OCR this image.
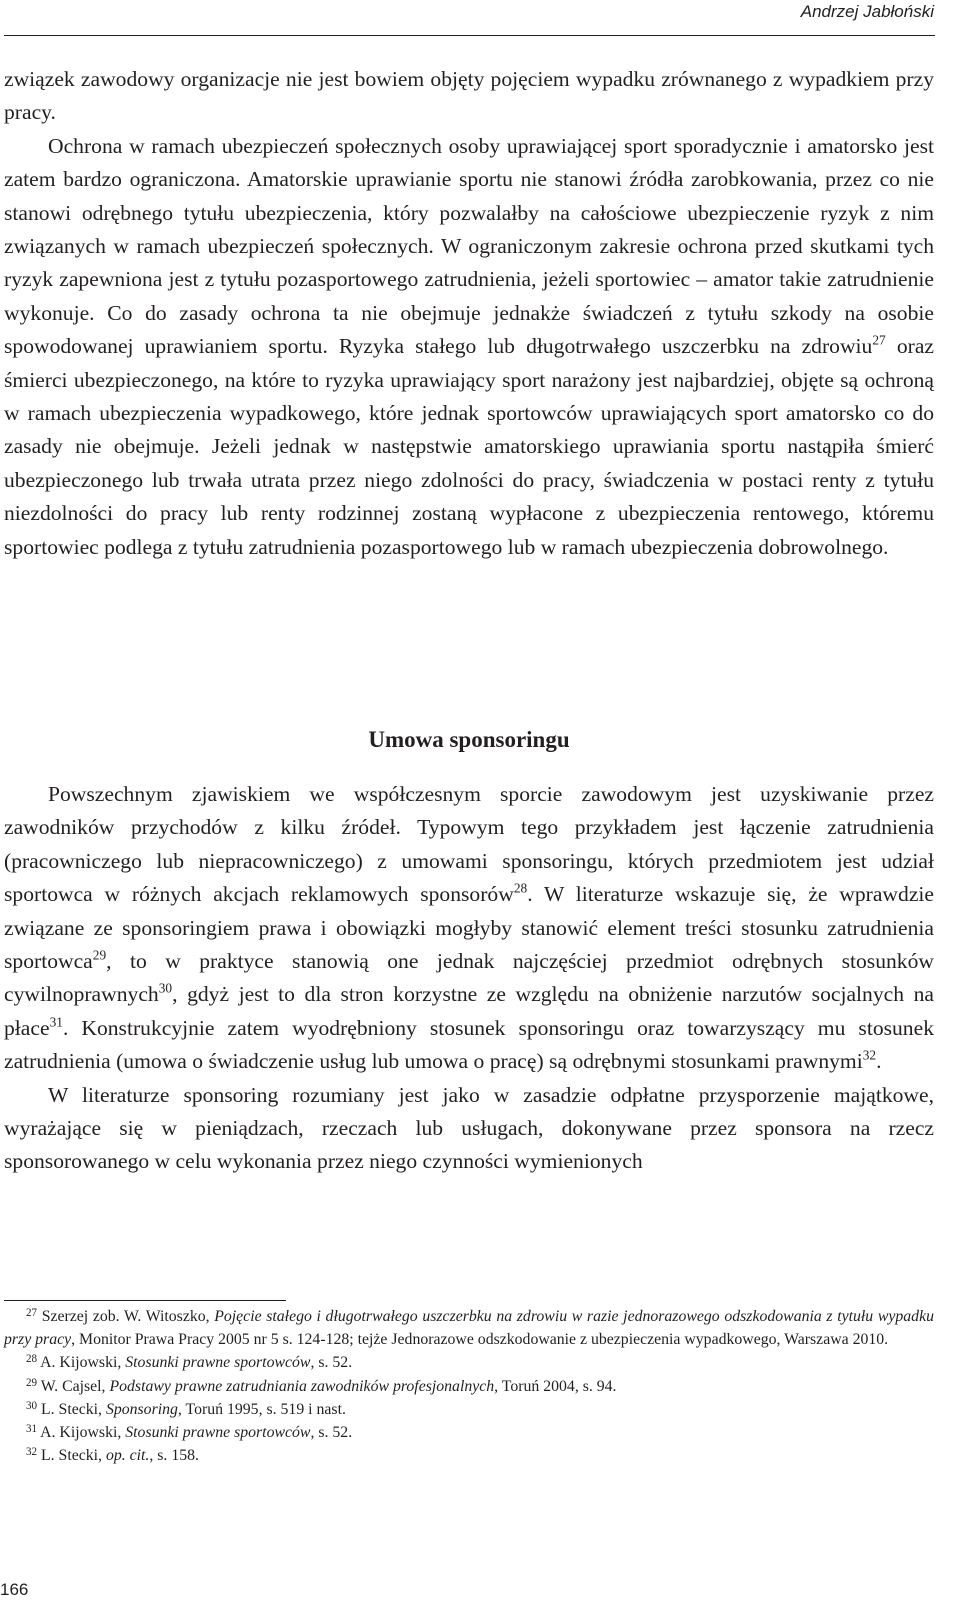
Andrzej Jabłoński

związek zawodowy organizacje nie jest bowiem objęty pojęciem wypadku zrównanego z wypadkiem przy pracy.

Ochrona w ramach ubezpieczeń społecznych osoby uprawiającej sport sporadycznie i amatorsko jest zatem bardzo ograniczona. Amatorskie uprawianie sportu nie stanowi źródła zarobkowania, przez co nie stanowi odrębnego tytułu ubezpieczenia, który pozwalałby na całościowe ubezpieczenie ryzyk z nim związanych w ramach ubezpieczeń społecznych. W ograniczonym zakresie ochrona przed skutkami tych ryzyk zapewniona jest z tytułu pozasportowego zatrudnienia, jeżeli sportowiec – amator takie zatrudnienie wykonuje. Co do zasady ochrona ta nie obejmuje jednakże świadczeń z tytułu szkody na osobie spowodowanej uprawianiem sportu. Ryzyka stałego lub długotrwałego uszczerbku na zdrowiu$^{27}$ oraz śmierci ubezpieczonego, na które to ryzyka uprawiający sport narażony jest najbardziej, objęte są ochroną w ramach ubezpieczenia wypadkowego, które jednak sportowców uprawiających sport amatorsko co do zasady nie obejmuje. Jeżeli jednak w następstwie amatorskiego uprawiania sportu nastąpiła śmierć ubezpieczonego lub trwała utrata przez niego zdolności do pracy, świadczenia w postaci renty z tytułu niezdolności do pracy lub renty rodzinnej zostaną wypłacone z ubezpieczenia rentowego, któremu sportowiec podlega z tytułu zatrudnienia pozasportowego lub w ramach ubezpieczenia dobrowolnego.

Umowa sponsoringu

Powszechnym zjawiskiem we współczesnym sporcie zawodowym jest uzyskiwanie przez zawodników przychodów z kilku źródeł. Typowym tego przykładem jest łączenie zatrudnienia (pracowniczego lub niepracowniczego) z umowami sponsoringu, których przedmiotem jest udział sportowca w różnych akcjach reklamowych sponsorów$^{28}$. W literaturze wskazuje się, że wprawdzie związane ze sponsoringiem prawa i obowiązki mogłyby stanowić element treści stosunku zatrudnienia sportowca$^{29}$, to w praktyce stanowią one jednak najczęściej przedmiot odrębnych stosunków cywilnoprawnych$^{30}$, gdyż jest to dla stron korzystne ze względu na obniżenie narzutów socjalnych na płace$^{31}$. Konstrukcyjnie zatem wyodrębniony stosunek sponsoringu oraz towarzyszący mu stosunek zatrudnienia (umowa o świadczenie usług lub umowa o pracę) są odrębnymi stosunkami prawnymi$^{32}$.

W literaturze sponsoring rozumiany jest jako w zasadzie odpłatne przysporzenie majątkowe, wyrażające się w pieniądzach, rzeczach lub usługach, dokonywane przez sponsora na rzecz sponsorowanego w celu wykonania przez niego czynności wymienionych

$^{27}$ Szerzej zob. W. Witoszko, Pojęcie stałego i długotrwałego uszczerbku na zdrowiu w razie jednorazowego odszkodowania z tytułu wypadku przy pracy, Monitor Prawa Pracy 2005 nr 5 s. 124-128; tejże Jednorazowe odszkodowanie z ubezpieczenia wypadkowego, Warszawa 2010.

$^{28}$ A. Kijowski, Stosunki prawne sportowców, s. 52.

$^{29}$ W. Cajsel, Podstawy prawne zatrudniania zawodników profesjonalnych, Toruń 2004, s. 94.

$^{30}$ L. Stecki, Sponsoring, Toruń 1995, s. 519 i nast.

$^{31}$ A. Kijowski, Stosunki prawne sportowców, s. 52.

$^{32}$ L. Stecki, op. cit., s. 158.

166
